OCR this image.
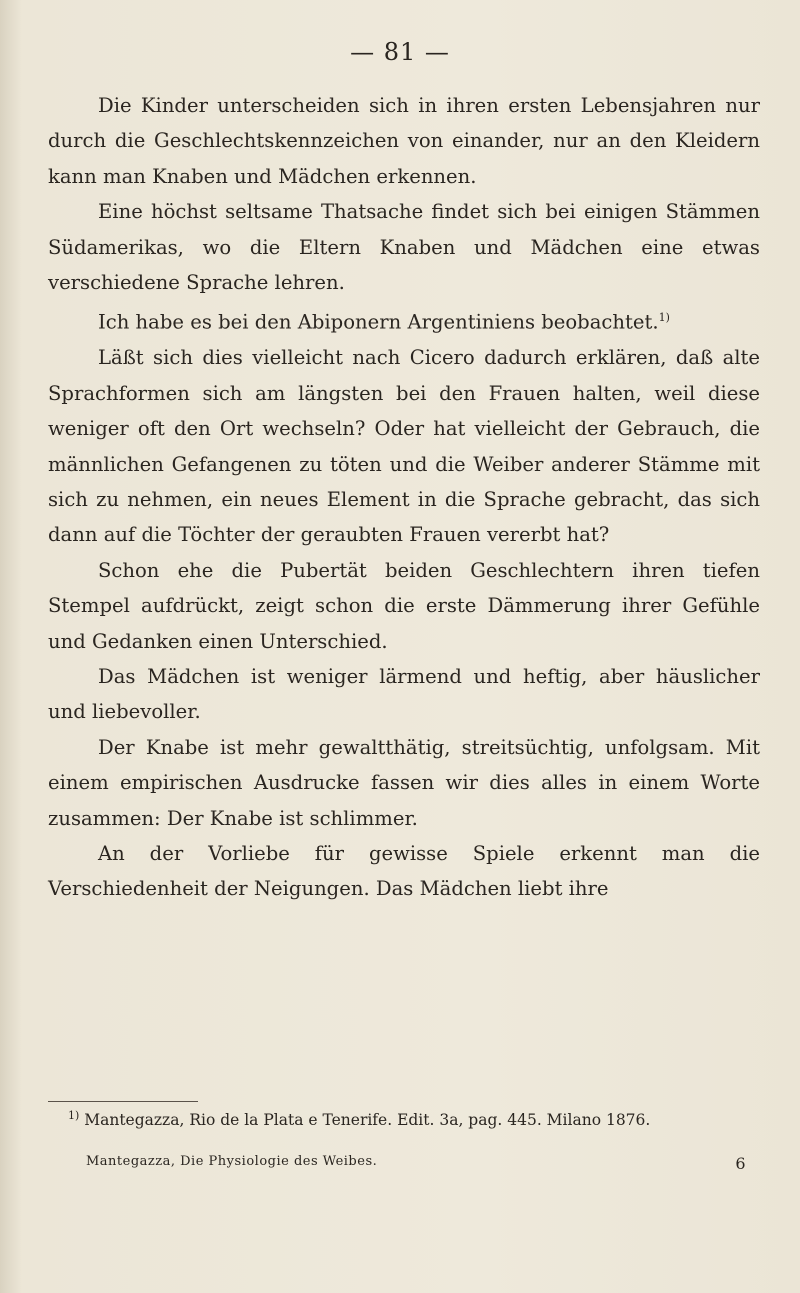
— 81 —

Die Kinder unterscheiden sich in ihren ersten Lebensjahren nur durch die Geschlechtskennzeichen von einander, nur an den Kleidern kann man Knaben und Mädchen erkennen.

Eine höchst seltsame Thatsache findet sich bei einigen Stämmen Südamerikas, wo die Eltern Knaben und Mädchen eine etwas verschiedene Sprache lehren.

Ich habe es bei den Abiponern Argentiniens beobachtet.$^{1)}$

Läßt sich dies vielleicht nach Cicero dadurch erklären, daß alte Sprachformen sich am längsten bei den Frauen halten, weil diese weniger oft den Ort wechseln? Oder hat vielleicht der Gebrauch, die männlichen Gefangenen zu töten und die Weiber anderer Stämme mit sich zu nehmen, ein neues Element in die Sprache gebracht, das sich dann auf die Töchter der geraubten Frauen vererbt hat?

Schon ehe die Pubertät beiden Geschlechtern ihren tiefen Stempel aufdrückt, zeigt schon die erste Dämmerung ihrer Gefühle und Gedanken einen Unterschied.

Das Mädchen ist weniger lärmend und heftig, aber häuslicher und liebevoller.

Der Knabe ist mehr gewaltthätig, streitsüchtig, unfolgsam. Mit einem empirischen Ausdrucke fassen wir dies alles in einem Worte zusammen: Der Knabe ist schlimmer.

An der Vorliebe für gewisse Spiele erkennt man die Verschiedenheit der Neigungen. Das Mädchen liebt ihre

$^{1)}$ Mantegazza, Rio de la Plata e Tenerife. Edit. 3a, pag. 445. Milano 1876.
Mantegazza, Die Physiologie des Weibes.	6
